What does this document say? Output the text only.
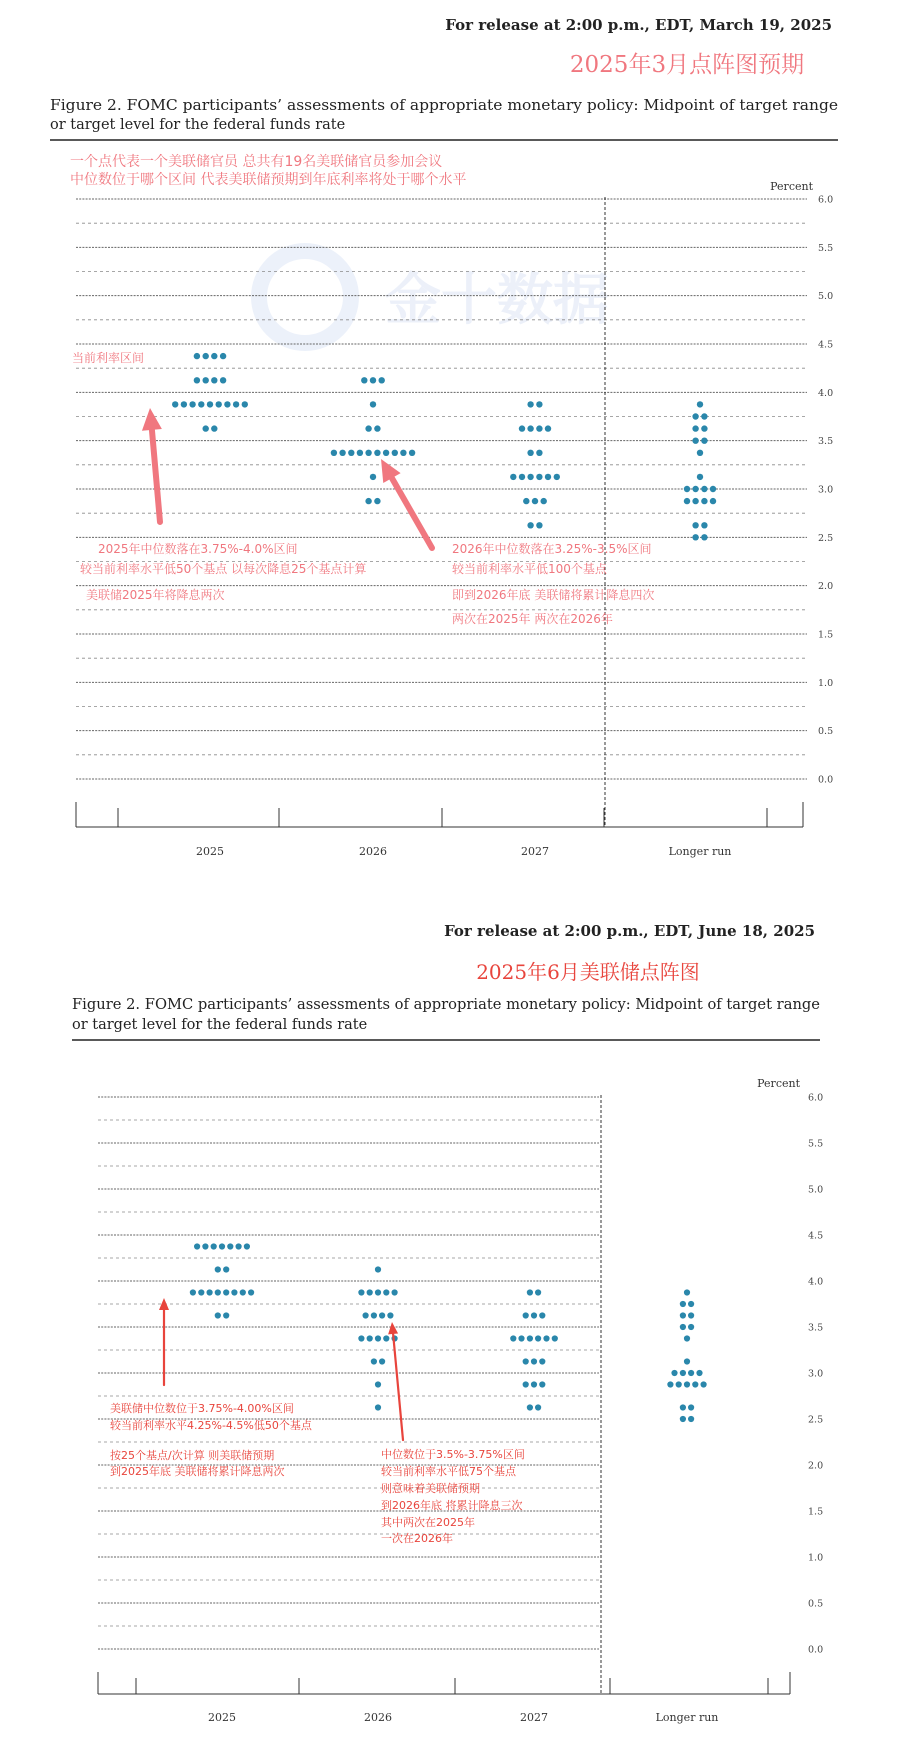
金十数据
For release at 2:00 p.m., EDT, March 19, 2025
2025年3月点阵图预期
Figure 2. FOMC participants’ assessments of appropriate monetary policy: Midpoint of target range
or target level for the federal funds rate
Percent
6.0
5.5
5.0
4.5
4.0
3.5
3.0
2.5
2.0
1.5
1.0
0.5
0.0
2025	2026	2027	Longer run
一个点代表一个美联储官员 总共有19名美联储官员参加会议
中位数位于哪个区间 代表美联储预期到年底利率将处于哪个水平
当前利率区间
2025年中位数落在3.75%-4.0%区间
较当前利率水平低50个基点 以每次降息25个基点计算
美联储2025年将降息两次
2026年中位数落在3.25%-3.5%区间
较当前利率水平低100个基点
即到2026年底 美联储将累计降息四次
两次在2025年 两次在2026年
For release at 2:00 p.m., EDT, June 18, 2025
2025年6月美联储点阵图
Figure 2. FOMC participants’ assessments of appropriate monetary policy: Midpoint of target range
or target level for the federal funds rate
Percent
6.0
5.5
5.0
4.5
4.0
3.5
3.0
2.5
2.0
1.5
1.0
0.5
0.0
2025	2026	2027	Longer run
美联储中位数位于3.75%-4.00%区间
较当前利率水平4.25%-4.5%低50个基点
按25个基点/次计算 则美联储预期
到2025年底 美联储将累计降息两次
中位数位于3.5%-3.75%区间
较当前利率水平低75个基点
则意味着美联储预期
到2026年底 将累计降息三次
其中两次在2025年
一次在2026年
